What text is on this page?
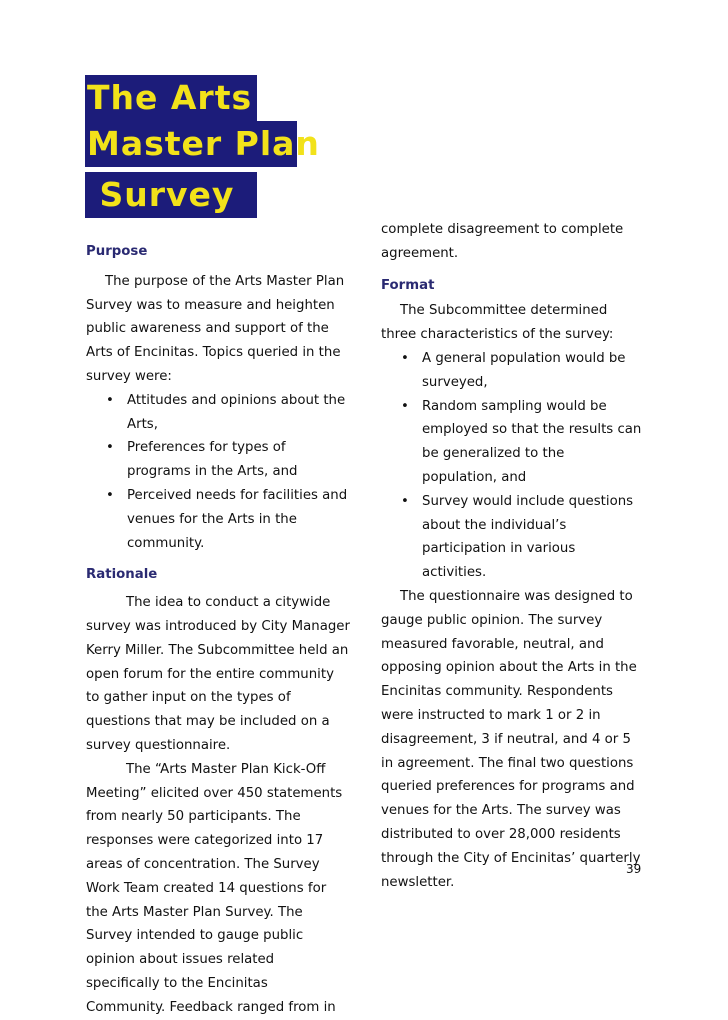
The Arts
Master Plan
Survey

Purpose

The purpose of the Arts Master Plan Survey was to measure and heighten public awareness and support of the Arts of Encinitas. Topics queried in the survey were:

• Attitudes and opinions about the Arts,
• Preferences for types of programs in the Arts, and
• Perceived needs for facilities and venues for the Arts in the community.

Rationale

The idea to conduct a citywide survey was introduced by City Manager Kerry Miller. The Subcommittee held an open forum for the entire community to gather input on the types of questions that may be included on a survey questionnaire.

The “Arts Master Plan Kick-Off Meeting” elicited over 450 statements from nearly 50 participants. The responses were categorized into 17 areas of concentration. The Survey Work Team created 14 questions for the Arts Master Plan Survey. The Survey intended to gauge public opinion about issues related specifically to the Encinitas Community. Feedback ranged from in

complete disagreement to complete agreement.

Format

The Subcommittee determined three characteristics of the survey:

• A general population would be surveyed,
• Random sampling would be employed so that the results can be generalized to the population, and
• Survey would include questions about the individual’s participation in various activities.

The questionnaire was designed to gauge public opinion. The survey measured favorable, neutral, and opposing opinion about the Arts in the Encinitas community. Respondents were instructed to mark 1 or 2 in disagreement, 3 if neutral, and 4 or 5 in agreement. The final two questions queried preferences for programs and venues for the Arts. The survey was distributed to over 28,000 residents through the City of Encinitas’ quarterly newsletter.

39
